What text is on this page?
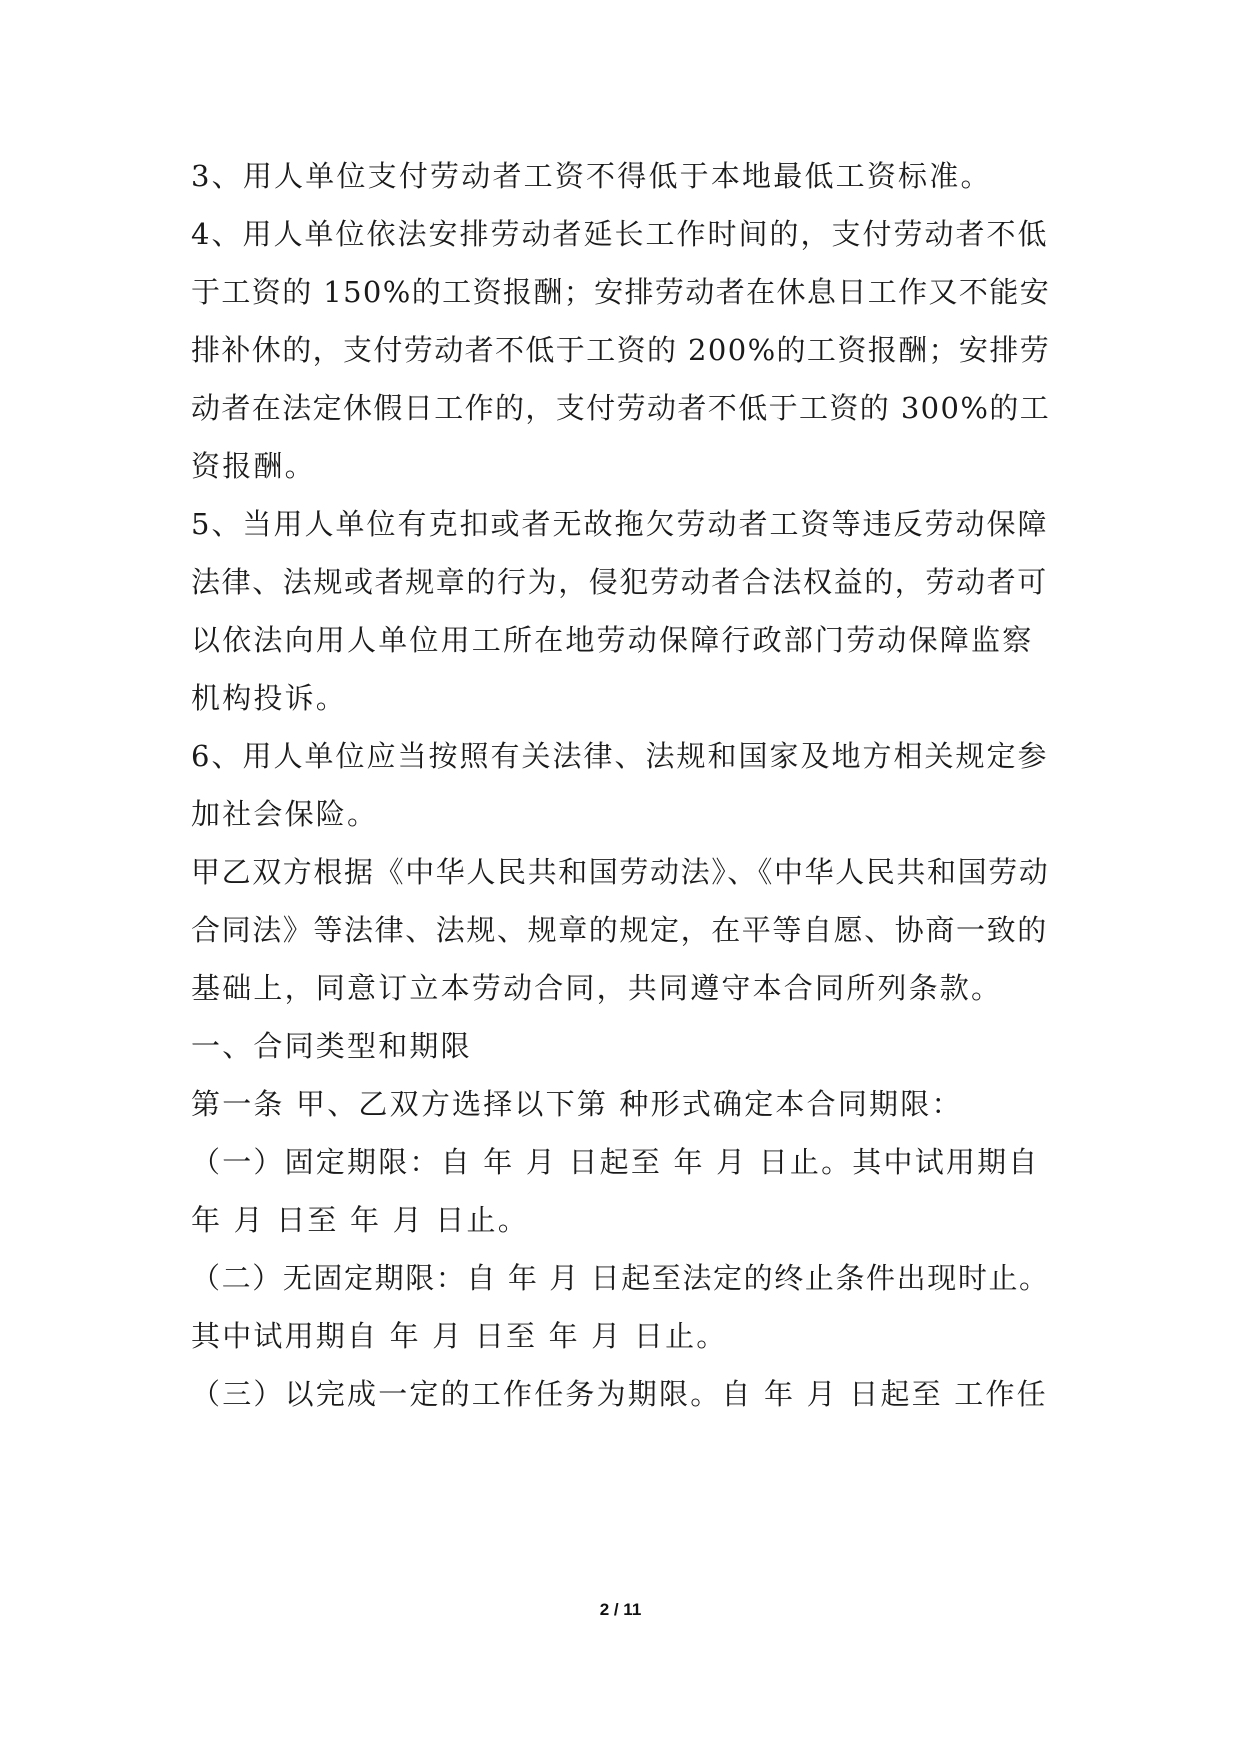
3、用人单位支付劳动者工资不得低于本地最低工资标准。
4、用人单位依法安排劳动者延长工作时间的，支付劳动者不低
于工资的 150%的工资报酬；安排劳动者在休息日工作又不能安
排补休的，支付劳动者不低于工资的 200%的工资报酬；安排劳
动者在法定休假日工作的，支付劳动者不低于工资的 300%的工
资报酬。
5、当用人单位有克扣或者无故拖欠劳动者工资等违反劳动保障
法律、法规或者规章的行为，侵犯劳动者合法权益的，劳动者可
以依法向用人单位用工所在地劳动保障行政部门劳动保障监察
机构投诉。
6、用人单位应当按照有关法律、法规和国家及地方相关规定参
加社会保险。
甲乙双方根据《中华人民共和国劳动法》、《中华人民共和国劳动
合同法》等法律、法规、规章的规定，在平等自愿、协商一致的
基础上，同意订立本劳动合同，共同遵守本合同所列条款。
一、合同类型和期限
第一条 甲、乙双方选择以下第 种形式确定本合同期限：
（一）固定期限：自 年 月 日起至 年 月 日止。其中试用期自
年 月 日至 年 月 日止。
（二）无固定期限：自 年 月 日起至法定的终止条件出现时止。
其中试用期自 年 月 日至 年 月 日止。
（三）以完成一定的工作任务为期限。自 年 月 日起至 工作任
2 / 11
